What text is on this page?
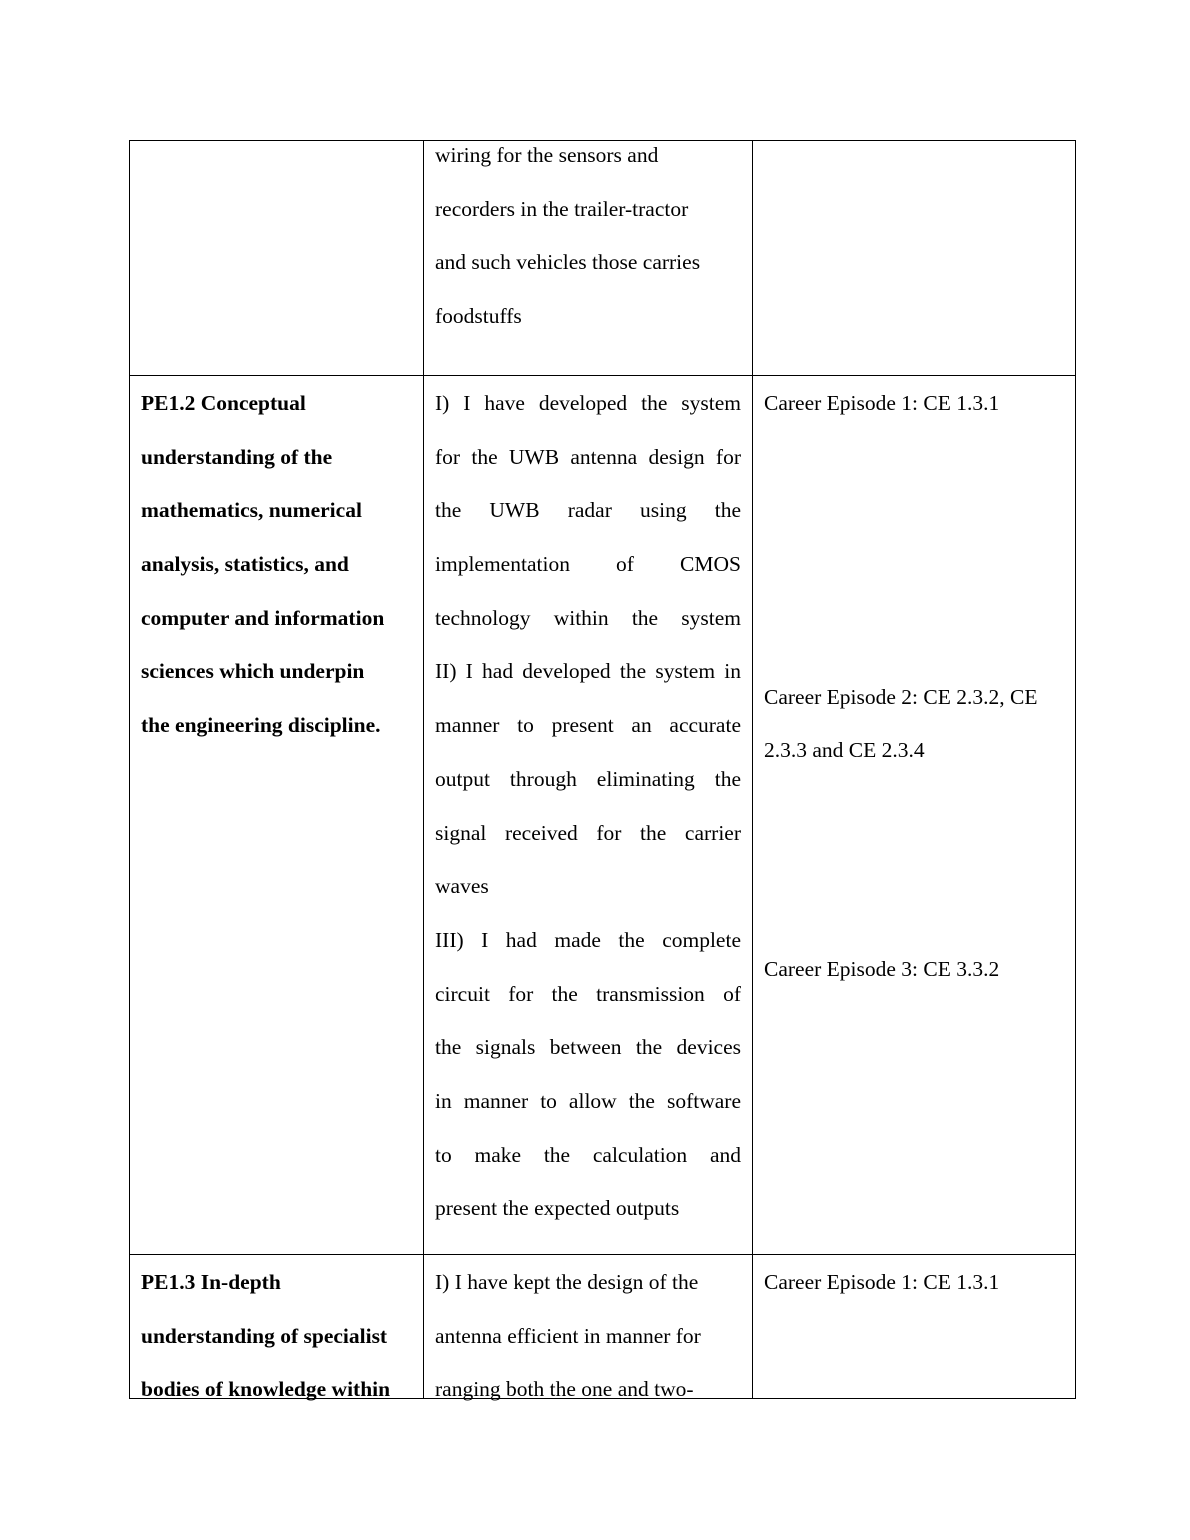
wiring for the sensors and
recorders in the trailer-tractor
and such vehicles those carries
foodstuffs
PE1.2 Conceptual
understanding of the
mathematics, numerical
analysis, statistics, and
computer and information
sciences which underpin
the engineering discipline.
I) I have developed the system
for the UWB antenna design for
the UWB radar using the
implementation of CMOS
technology within the system
II) I had developed the system in
manner to present an accurate
output through eliminating the
signal received for the carrier
waves
III) I had made the complete
circuit for the transmission of
the signals between the devices
in manner to allow the software
to make the calculation and
present the expected outputs
Career Episode 1: CE 1.3.1
Career Episode 2: CE 2.3.2, CE
2.3.3 and CE 2.3.4
Career Episode 3: CE 3.3.2
PE1.3 In-depth
understanding of specialist
bodies of knowledge within
I) I have kept the design of the
antenna efficient in manner for
ranging both the one and two-
Career Episode 1: CE 1.3.1
